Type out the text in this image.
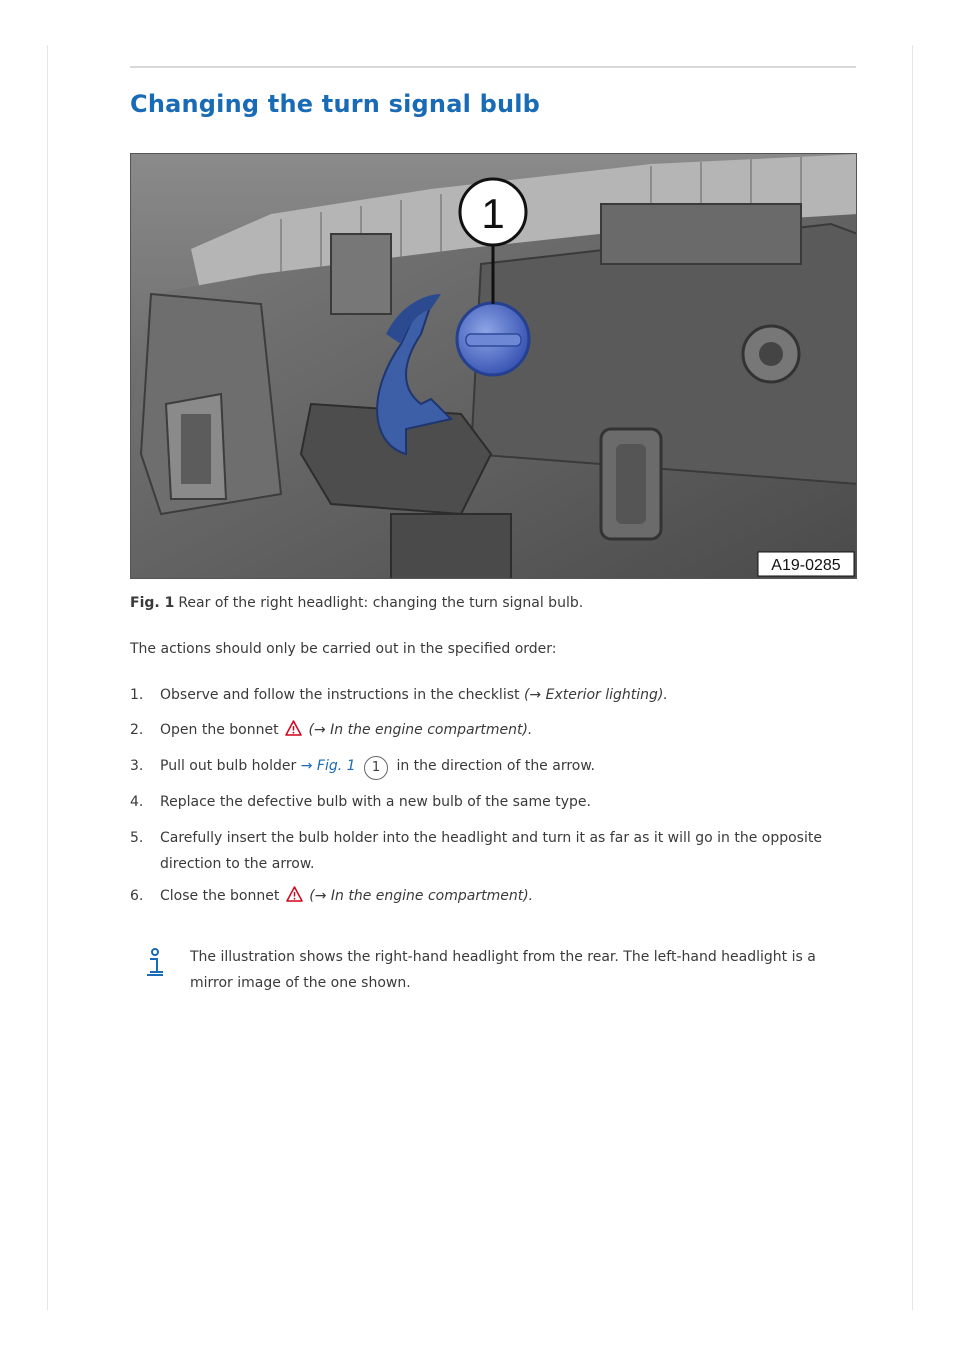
Changing the turn signal bulb
1
A19-0285
Fig. 1 Rear of the right headlight: changing the turn signal bulb.
The actions should only be carried out in the specified order:
1.	Observe and follow the instructions in the checklist (→ Exterior lighting).
2.	Open the bonnet (→ In the engine compartment).
3.	Pull out bulb holder → Fig. 1 1 in the direction of the arrow.
4.	Replace the defective bulb with a new bulb of the same type.
5.	Carefully insert the bulb holder into the headlight and turn it as far as it will go in the opposite direction to the arrow.
6.	Close the bonnet (→ In the engine compartment).
The illustration shows the right-hand headlight from the rear. The left-hand headlight is a mirror image of the one shown.
